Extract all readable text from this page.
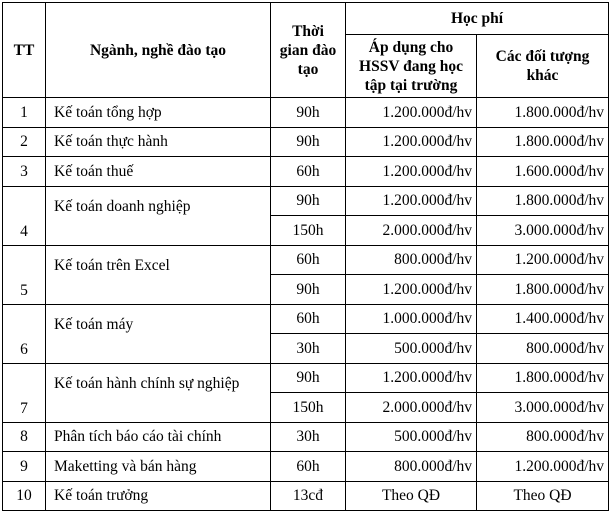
TT	Ngành, nghề đào tạo	Thời gian đào tạo	Học phí	
			Áp dụng cho HSSV đang học tập tại trường	Các đối tượng khác
1	Kế toán tổng hợp	90h	1.200.000đ/hv	1.800.000đ/hv
2	Kế toán thực hành	90h	1.200.000đ/hv	1.800.000đ/hv
3	Kế toán thuế	60h	1.200.000đ/hv	1.600.000đ/hv
4	Kế toán doanh nghiệp	90h	1.200.000đ/hv	1.800.000đ/hv
		150h	2.000.000đ/hv	3.000.000đ/hv
5	Kế toán trên Excel	60h	800.000đ/hv	1.200.000đ/hv
		90h	1.200.000đ/hv	1.800.000đ/hv
6	Kế toán máy	60h	1.000.000đ/hv	1.400.000đ/hv
		30h	500.000đ/hv	800.000đ/hv
7	Kế toán hành chính sự nghiệp	90h	1.200.000đ/hv	1.800.000đ/hv
		150h	2.000.000đ/hv	3.000.000đ/hv
8	Phân tích báo cáo tài chính	30h	500.000đ/hv	800.000đ/hv
9	Maketting và bán hàng	60h	800.000đ/hv	1.200.000đ/hv
10	Kế toán trưởng	13cđ	Theo QĐ	Theo QĐ
